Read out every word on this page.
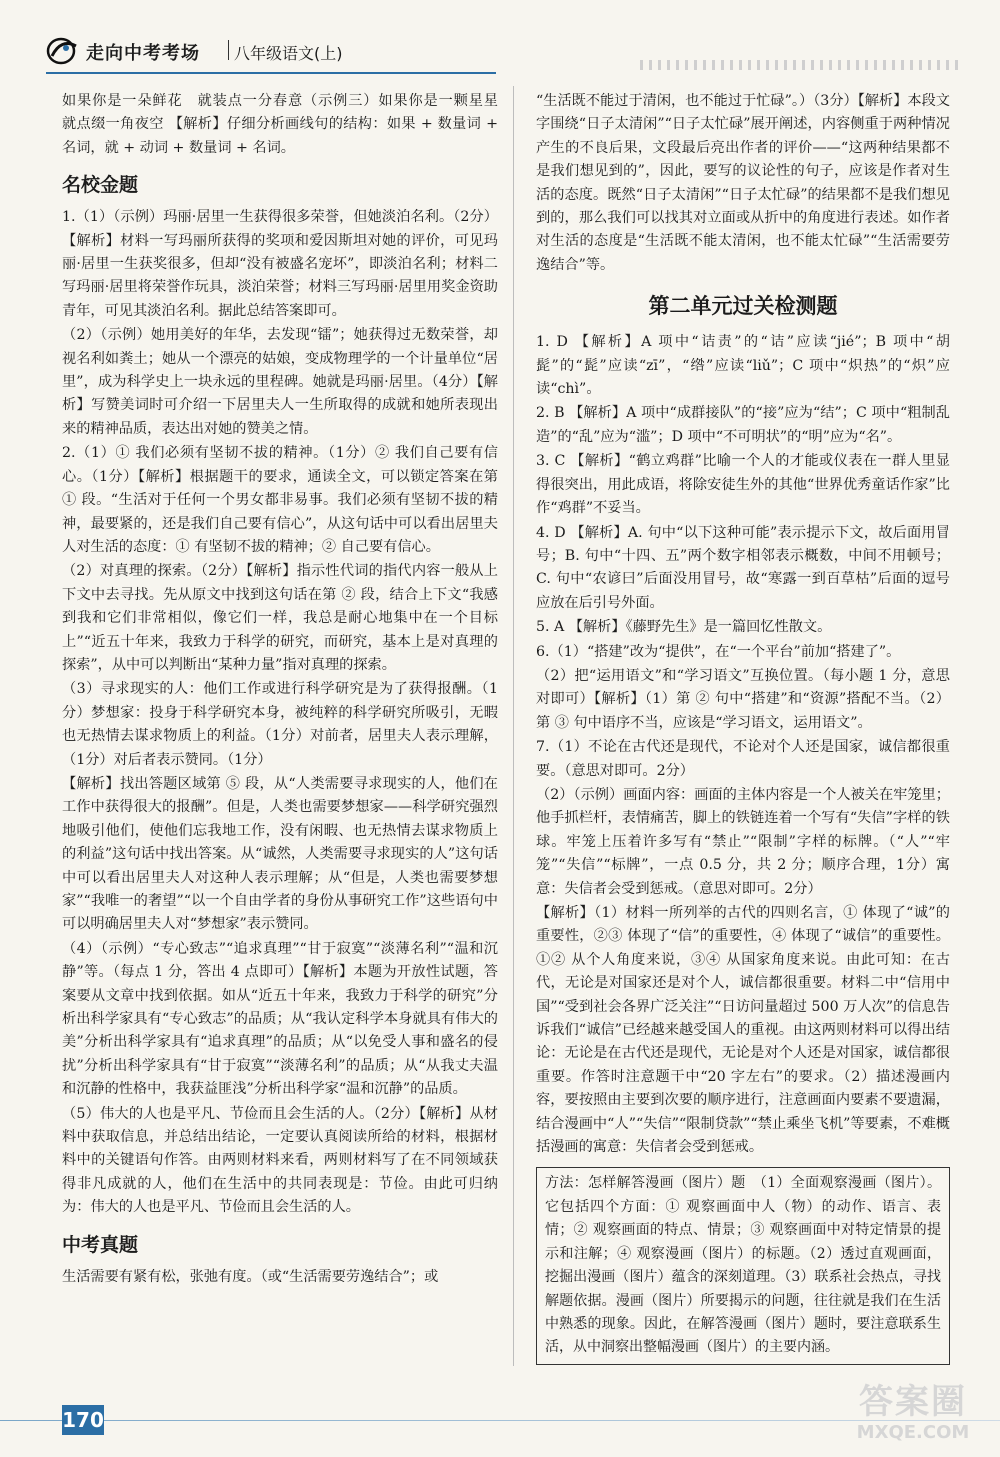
走向中考考场 八年级语文(上)
如果你是一朵鲜花　就装点一分春意（示例三）如果你是一颗星星　就点缀一角夜空 【解析】仔细分析画线句的结构：如果 + 数量词 + 名词，就 + 动词 + 数量词 + 名词。
名校金题
1.（1）（示例）玛丽·居里一生获得很多荣誉，但她淡泊名利。（2分）【解析】材料一写玛丽所获得的奖项和爱因斯坦对她的评价，可见玛丽·居里一生获奖很多，但却“没有被盛名宠坏”，即淡泊名利；材料二写玛丽·居里将荣誉作玩具，淡泊荣誉；材料三写玛丽·居里用奖金资助青年，可见其淡泊名利。据此总结答案即可。
（2）（示例）她用美好的年华，去发现“镭”；她获得过无数荣誉，却视名利如粪土；她从一个漂亮的姑娘，变成物理学的一个计量单位“居里”，成为科学史上一块永远的里程碑。她就是玛丽·居里。（4分）【解析】写赞美词时可介绍一下居里夫人一生所取得的成就和她所表现出来的精神品质，表达出对她的赞美之情。
2.（1）① 我们必须有坚韧不拔的精神。（1分）② 我们自己要有信心。（1分）【解析】根据题干的要求，通读全文，可以锁定答案在第 ① 段。“生活对于任何一个男女都非易事。我们必须有坚韧不拔的精神，最要紧的，还是我们自己要有信心”，从这句话中可以看出居里夫人对生活的态度：① 有坚韧不拔的精神；② 自己要有信心。
（2）对真理的探索。（2分）【解析】指示性代词的指代内容一般从上下文中去寻找。先从原文中找到这句话在第 ② 段，结合上下文“我感到我和它们非常相似，像它们一样，我总是耐心地集中在一个目标上”“近五十年来，我致力于科学的研究，而研究，基本上是对真理的探索”，从中可以判断出“某种力量”指对真理的探索。
（3）寻求现实的人：他们工作或进行科学研究是为了获得报酬。（1分）梦想家：投身于科学研究本身，被纯粹的科学研究所吸引，无暇也无热情去谋求物质上的利益。（1分）对前者，居里夫人表示理解，（1分）对后者表示赞同。（1分）
【解析】找出答题区域第 ⑤ 段，从“人类需要寻求现实的人，他们在工作中获得很大的报酬”。但是，人类也需要梦想家——科学研究强烈地吸引他们，使他们忘我地工作，没有闲暇、也无热情去谋求物质上的利益”这句话中找出答案。从“诚然，人类需要寻求现实的人”这句话中可以看出居里夫人对这种人表示理解；从“但是，人类也需要梦想家”“我唯一的奢望”“以一个自由学者的身份从事研究工作”这些语句中可以明确居里夫人对“梦想家”表示赞同。
（4）（示例）“专心致志”“追求真理”“甘于寂寞”“淡薄名利”“温和沉静”等。（每点 1 分，答出 4 点即可）【解析】本题为开放性试题，答案要从文章中找到依据。如从“近五十年来，我致力于科学的研究”分析出科学家具有“专心致志”的品质；从“我认定科学本身就具有伟大的美”分析出科学家具有“追求真理”的品质；从“以免受人事和盛名的侵扰”分析出科学家具有“甘于寂寞”“淡薄名利”的品质；从“从我丈夫温和沉静的性格中，我获益匪浅”分析出科学家“温和沉静”的品质。
（5）伟大的人也是平凡、节俭而且会生活的人。（2分）【解析】从材料中获取信息，并总结出结论，一定要认真阅读所给的材料，根据材料中的关键语句作答。由两则材料来看，两则材料写了在不同领域获得非凡成就的人，他们在生活中的共同表现是：节俭。由此可归纳为：伟大的人也是平凡、节俭而且会生活的人。
中考真题
生活需要有紧有松，张弛有度。（或“生活需要劳逸结合”；或
“生活既不能过于清闲，也不能过于忙碌”。）（3分）【解析】本段文字围绕“日子太清闲”“日子太忙碌”展开阐述，内容侧重于两种情况产生的不良后果，文段最后亮出作者的评价——“这两种结果都不是我们想见到的”，因此，要写的议论性的句子，应该是作者对生活的态度。既然“日子太清闲”“日子太忙碌”的结果都不是我们想见到的，那么我们可以找其对立面或从折中的角度进行表述。如作者对生活的态度是“生活既不能太清闲，也不能太忙碌”“生活需要劳逸结合”等。
第二单元过关检测题
1. D 【解析】A 项中“诘责”的“诘”应读“jié”；B 项中“胡髭”的“髭”应读“zī”，“绺”应读“liǔ”；C 项中“炽热”的“炽”应读“chì”。
2. B 【解析】A 项中“成群接队”的“接”应为“结”；C 项中“粗制乱造”的“乱”应为“滥”；D 项中“不可明状”的“明”应为“名”。
3. C 【解析】“鹤立鸡群”比喻一个人的才能或仪表在一群人里显得很突出，用此成语，将除安徒生外的其他“世界优秀童话作家”比作“鸡群”不妥当。
4. D 【解析】A. 句中“以下这种可能”表示提示下文，故后面用冒号；B. 句中“十四、五”两个数字相邻表示概数，中间不用顿号；C. 句中“农谚曰”后面没用冒号，故“寒露一到百草枯”后面的逗号应放在后引号外面。
5. A 【解析】《藤野先生》是一篇回忆性散文。
6.（1）“搭建”改为“提供”，在“一个平台”前加“搭建了”。
（2）把“运用语文”和“学习语文”互换位置。（每小题 1 分，意思对即可）【解析】（1）第 ② 句中“搭建”和“资源”搭配不当。（2）第 ③ 句中语序不当，应该是“学习语文，运用语文”。
7.（1）不论在古代还是现代，不论对个人还是国家，诚信都很重要。（意思对即可。2分）
（2）（示例）画面内容：画面的主体内容是一个人被关在牢笼里；他手抓栏杆，表情痛苦，脚上的铁链连着一个写有“失信”字样的铁球。牢笼上压着许多写有“禁止”“限制”字样的标牌。（“人”“牢笼”“失信”“标牌”，一点 0.5 分，共 2 分；顺序合理，1分）寓意：失信者会受到惩戒。（意思对即可。2分）
【解析】（1）材料一所列举的古代的四则名言，① 体现了“诚”的重要性，②③ 体现了“信”的重要性，④ 体现了“诚信”的重要性。①② 从个人角度来说，③④ 从国家角度来说。由此可知：在古代，无论是对国家还是对个人，诚信都很重要。材料二中“信用中国”“受到社会各界广泛关注”“日访问量超过 500 万人次”的信息告诉我们“诚信”已经越来越受国人的重视。由这两则材料可以得出结论：无论是在古代还是现代，无论是对个人还是对国家，诚信都很重要。作答时注意题干中“20 字左右”的要求。（2）描述漫画内容，要按照由主要到次要的顺序进行，注意画面内要素不要遗漏，结合漫画中“人”“失信”“限制贷款”“禁止乘坐飞机”等要素，不难概括漫画的寓意：失信者会受到惩戒。
方法：怎样解答漫画（图片）题　（1）全面观察漫画（图片）。它包括四个方面：① 观察画面中人（物）的动作、语言、表情；② 观察画面的特点、情景；③ 观察画面中对特定情景的提示和注解；④ 观察漫画（图片）的标题。（2）透过直观画面，挖掘出漫画（图片）蕴含的深刻道理。（3）联系社会热点，寻找解题依据。漫画（图片）所要揭示的问题，往往就是我们在生活中熟悉的现象。因此，在解答漫画（图片）题时，要注意联系生活，从中洞察出整幅漫画（图片）的主要内涵。
170	答案圈
MXQE.COM
